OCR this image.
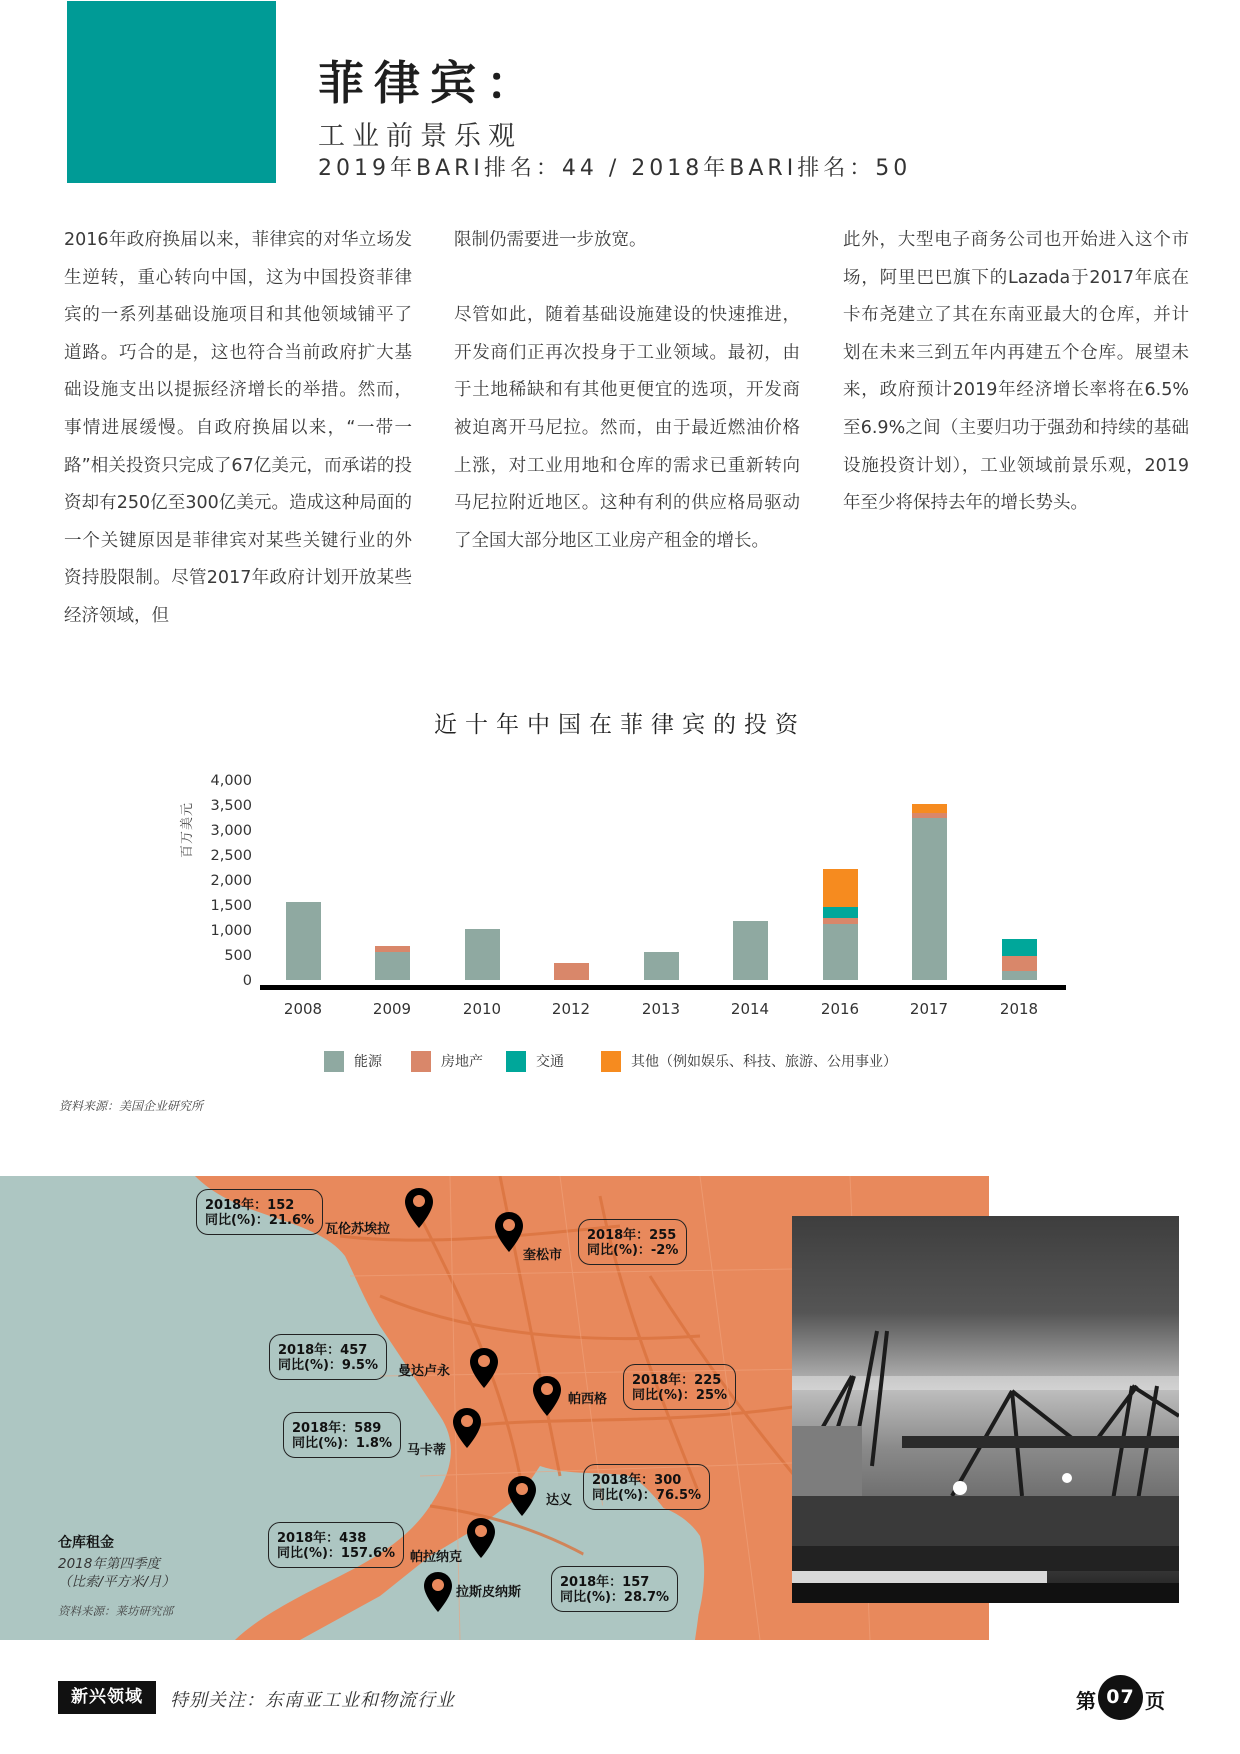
菲律宾：
工业前景乐观
2019年BARI排名：44 / 2018年BARI排名：50

2016年政府换届以来，菲律宾的对华立场发生逆转，重心转向中国，这为中国投资菲律宾的一系列基础设施项目和其他领域铺平了道路。巧合的是，这也符合当前政府扩大基础设施支出以提振经济增长的举措。然而，事情进展缓慢。自政府换届以来，“一带一路”相关投资只完成了67亿美元，而承诺的投资却有250亿至300亿美元。造成这种局面的一个关键原因是菲律宾对某些关键行业的外资持股限制。尽管2017年政府计划开放某些经济领域，但

限制仍需要进一步放宽。

尽管如此，随着基础设施建设的快速推进，开发商们正再次投身于工业领域。最初，由于土地稀缺和有其他更便宜的选项，开发商被迫离开马尼拉。然而，由于最近燃油价格上涨，对工业用地和仓库的需求已重新转向马尼拉附近地区。这种有利的供应格局驱动了全国大部分地区工业房产租金的增长。

此外，大型电子商务公司也开始进入这个市场，阿里巴巴旗下的Lazada于2017年底在卡布尧建立了其在东南亚最大的仓库，并计划在未来三到五年内再建五个仓库。展望未来，政府预计2019年经济增长率将在6.5%至6.9%之间（主要归功于强劲和持续的基础设施投资计划），工业领域前景乐观，2019年至少将保持去年的增长势头。

近十年中国在菲律宾的投资
百万美元
4,000
3,500
3,000
2,500
2,000
1,500
1,000
500
0
2008	2009	2010	2012	2013	2014	2016	2017	2018
能源	房地产	交通	其他（例如娱乐、科技、旅游、公用事业）
资料来源：美国企业研究所
2018年：152
同比(%)：21.6%
瓦伦苏埃拉
奎松市
2018年：255
同比(%)：-2%
2018年：457
同比(%)：9.5% 曼达卢永
帕西格
2018年：225
同比(%)：25%
2018年：589
同比(%)：1.8% 马卡蒂
达义
2018年：300
同比(%)：76.5%
2018年：438
同比(%)：157.6% 帕拉纳克
拉斯皮纳斯
2018年：157
同比(%)：28.7%
仓库租金
2018年第四季度
（比索/平方米/月）
资料来源：莱坊研究部
新兴领域	特别关注：东南亚工业和物流行业	第 07 页
